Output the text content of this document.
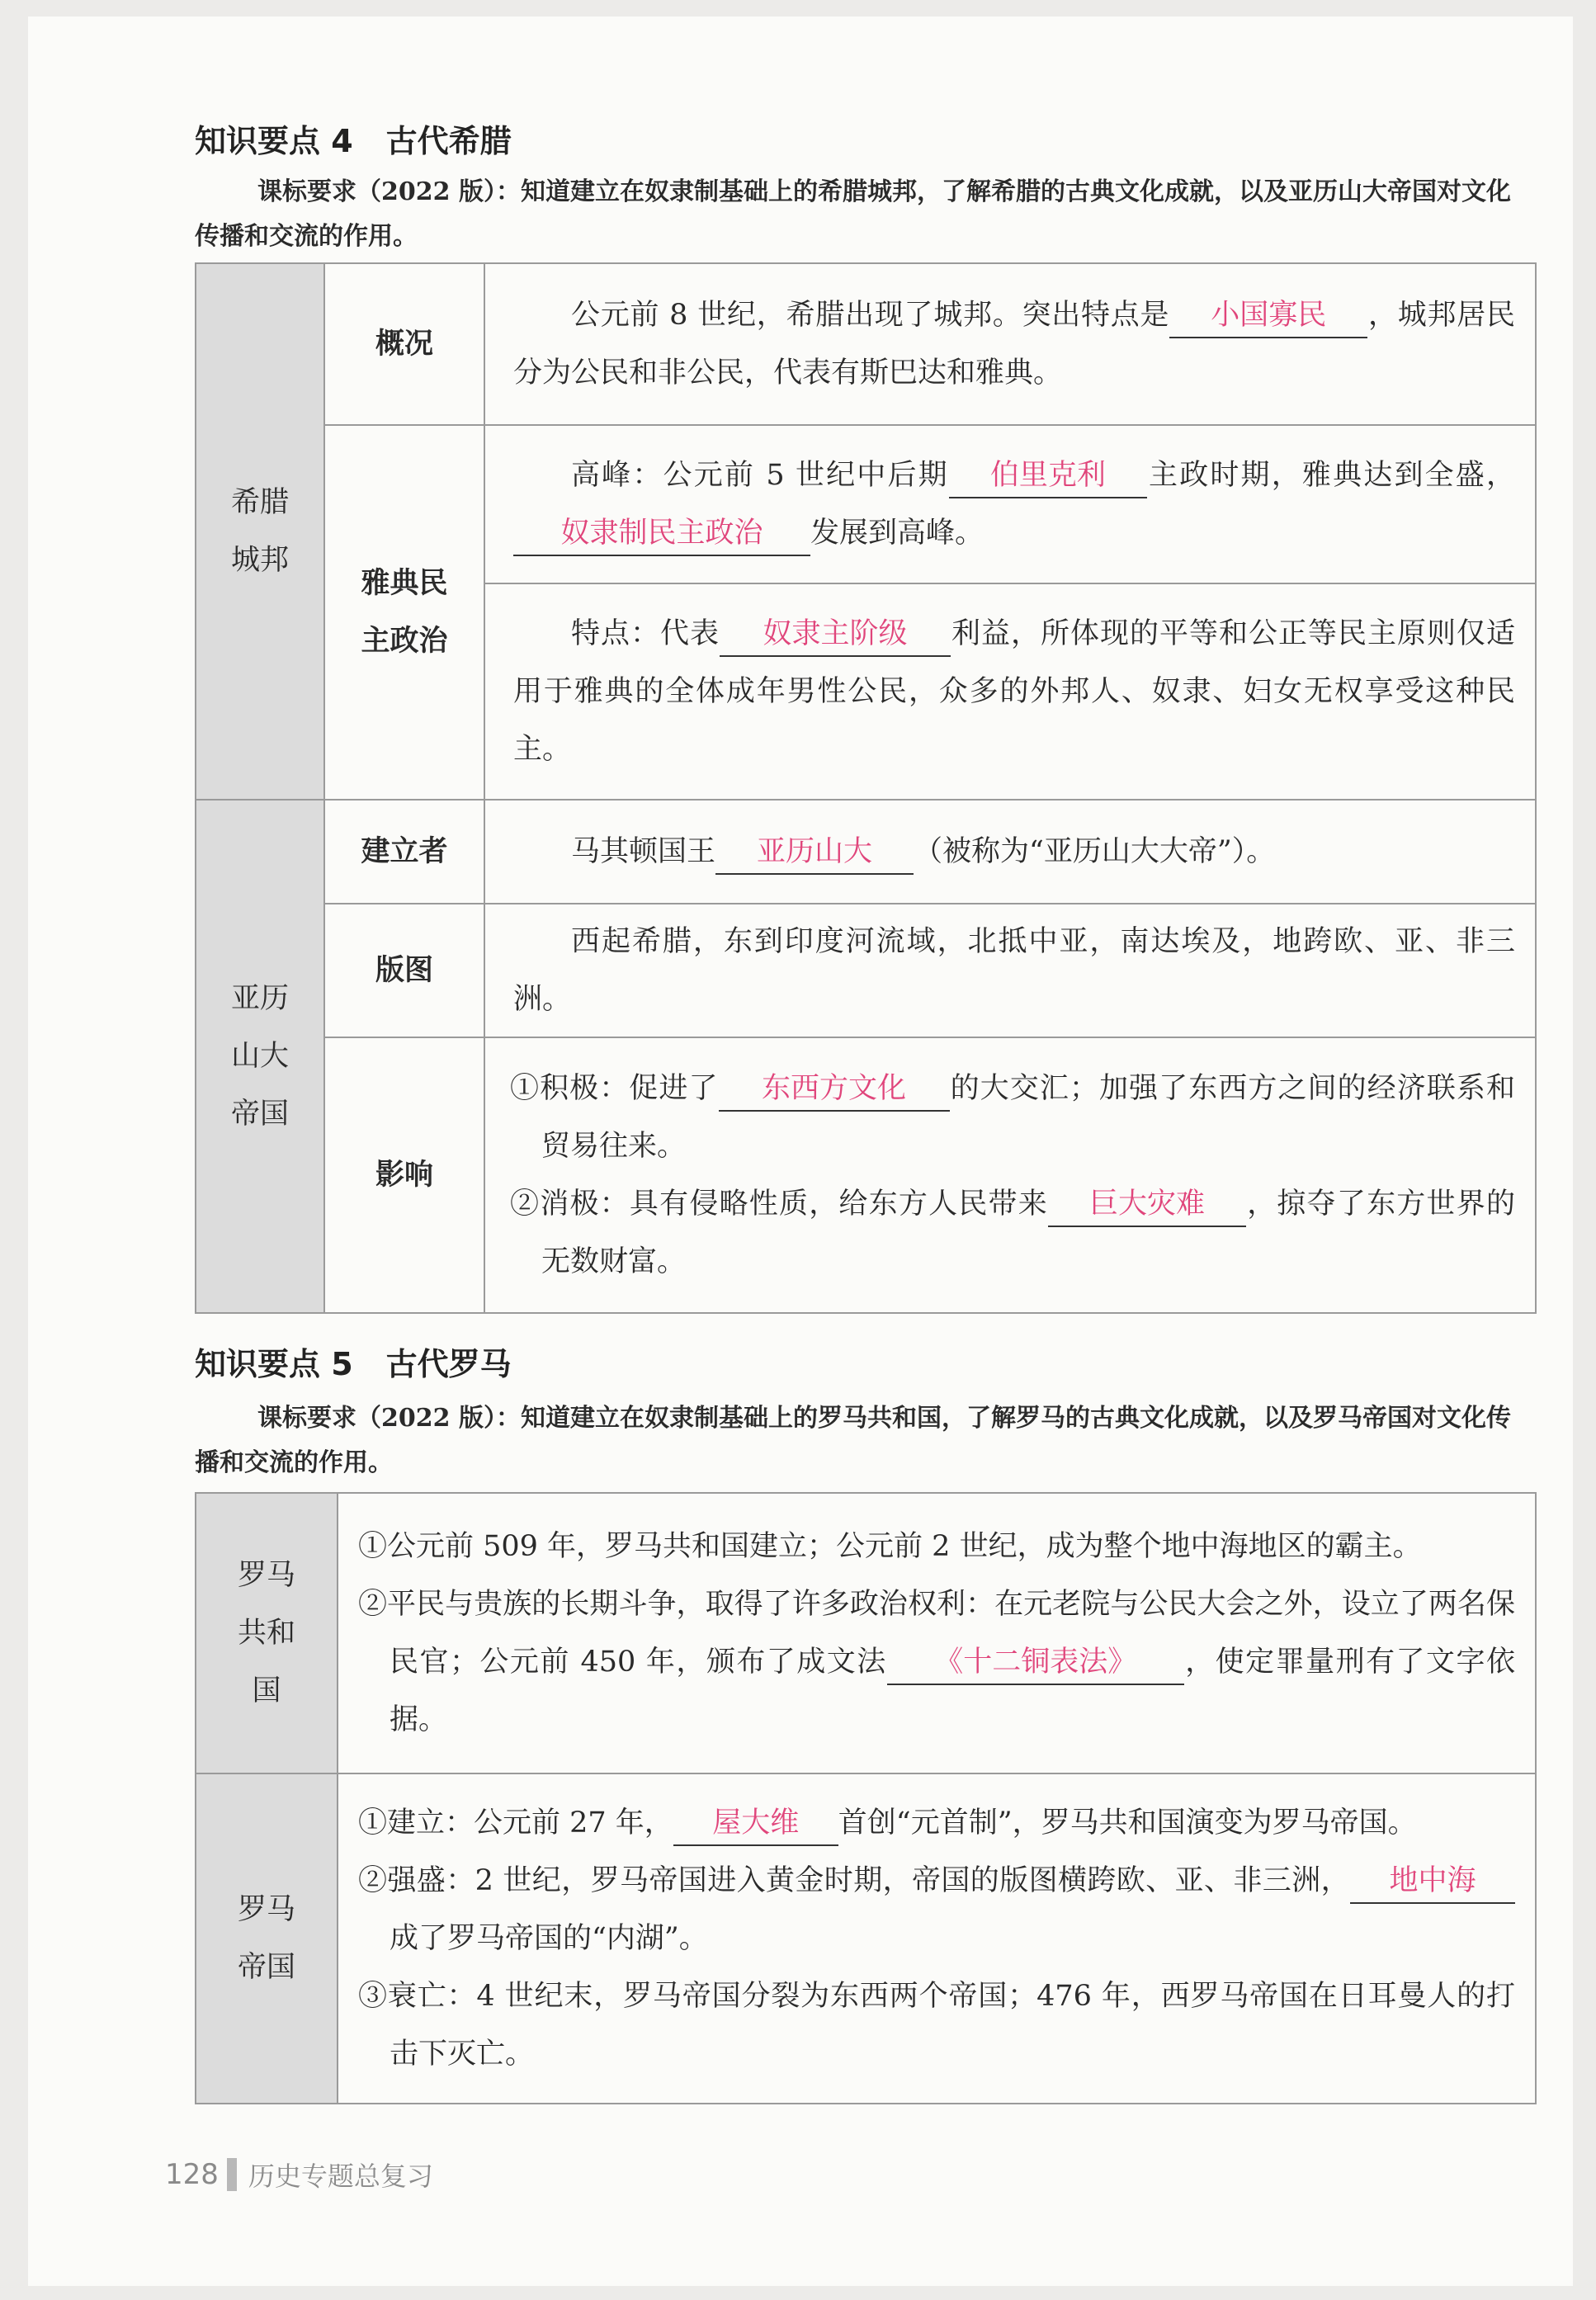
知识要点 4 古代希腊
课标要求（2022 版）：知道建立在奴隶制基础上的希腊城邦，了解希腊的古典文化成就，以及亚历山大帝国对文化传播和交流的作用。
希腊城邦	概况	公元前 8 世纪，希腊出现了城邦。突出特点是 小国寡民 ，城邦居民分为公民和非公民，代表有斯巴达和雅典。

	雅典民主政治	高峰：公元前 5 世纪中后期 伯里克利 主政时期，雅典达到全盛，奴隶制民主政治 发展到高峰。

		特点：代表 奴隶主阶级 利益，所体现的平等和公正等民主原则仅适用于雅典的全体成年男性公民，众多的外邦人、奴隶、妇女无权享受这种民主。

亚历山大帝国	建立者	马其顿国王 亚历山大 （被称为“亚历山大大帝”）。

	版图	西起希腊，东到印度河流域，北抵中亚，南达埃及，地跨欧、亚、非三洲。

	影响	①积极：促进了 东西方文化 的大交汇；加强了东西方之间的经济联系和贸易往来。
②消极：具有侵略性质，给东方人民带来 巨大灾难 ，掠夺了东方世界的无数财富。
知识要点 5 古代罗马
课标要求（2022 版）：知道建立在奴隶制基础上的罗马共和国，了解罗马的古典文化成就，以及罗马帝国对文化传播和交流的作用。
罗马共和国	①公元前 509 年，罗马共和国建立；公元前 2 世纪，成为整个地中海地区的霸主。
②平民与贵族的长期斗争，取得了许多政治权利：在元老院与公民大会之外，设立了两名保民官；公元前 450 年，颁布了成文法 《十二铜表法》 ，使定罪量刑有了文字依据。

罗马帝国	①建立：公元前 27 年， 屋大维 首创“元首制”，罗马共和国演变为罗马帝国。
②强盛：2 世纪，罗马帝国进入黄金时期，帝国的版图横跨欧、亚、非三洲， 地中海成了罗马帝国的“内湖”。
③衰亡：4 世纪末，罗马帝国分裂为东西两个帝国；476 年，西罗马帝国在日耳曼人的打击下灭亡。
128 历史专题总复习
